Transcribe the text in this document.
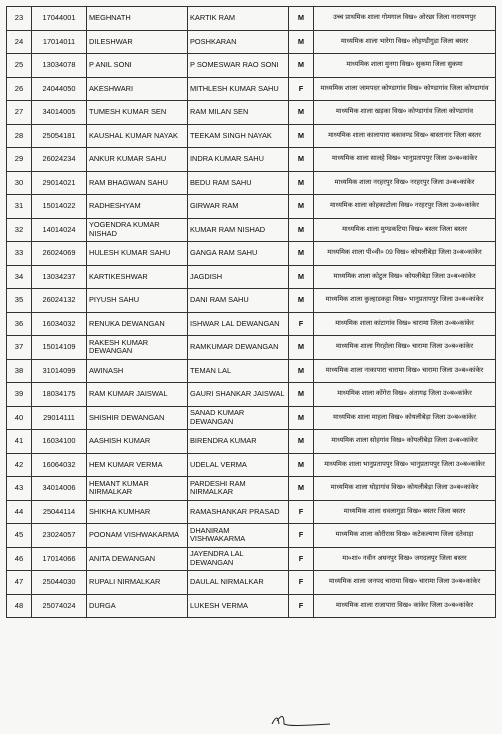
23	17044001	MEGHNATH	KARTIK RAM	M	उच्च प्राथमिक शाला गोमगाल विख० ओरछा जिला नारायणपुर
24	17014011	DILESHWAR	POSHKARAN	M	माध्यमिक शाला भारेगा विख० लोहण्डीगुडा जिला बस्तर
25	13034078	P ANIL SONI	P SOMESWAR RAO SONI	M	माध्यमिक शाला मुनगा विख० सुकमा जिला सुकमा
26	24044050	AKESHWARI	MITHLESH KUMAR SAHU	F	माध्यमिक शाला जामपदर कोण्डागांव विख० कोण्डागांव जिला कोण्डागांव
27	34014005	TUMESH KUMAR SEN	RAM MILAN SEN	M	माध्यमिक शाला खड़का विख० कोण्डागांव जिला कोण्डागांव
28	25054181	KAUSHAL KUMAR NAYAK	TEEKAM SINGH NAYAK	M	माध्यमिक शाला कालापारा बकावण्ड विख० बास्तानार जिला बस्तर
29	26024234	ANKUR KUMAR SAHU	INDRA KUMAR SAHU	M	माध्यमिक शाला सालहे विख० भानुप्रतापपुर जिला उ०ब०कांकेर
30	29014021	RAM BHAGWAN SAHU	BEDU RAM SAHU	M	माध्यमिक शाला नरहरपुर विख० नरहरपुर जिला उ०ब०कांकेर
31	15014022	RADHESHYAM	GIRWAR RAM	M	माध्यमिक शाला कोहकाटोला विख० नरहरपुर जिला उ०ब०कांकेर
32	14014024	YOGENDRA KUMAR NISHAD	KUMAR RAM NISHAD	M	माध्यमिक शाला मुण्डकटिया विख० बस्तर जिला बस्तर
33	26024069	HULESH KUMAR SAHU	GANGA RAM SAHU	M	माध्यमिक शाला पी०वी० 09 विख० कोयलीबेड़ा जिला उ०ब०कांकेर
34	13034237	KARTIKESHWAR	JAGDISH	M	माध्यमिक शाला कोटुल विख० कोयलीबेड़ा जिला उ०ब०कांकेर
35	26024132	PIYUSH SAHU	DANI RAM SAHU	M	माध्यमिक शाला कुल्हाडकट्टा विख० भानुप्रतापपुर जिला उ०ब०कांकेर
36	16034032	RENUKA DEWANGAN	ISHWAR LAL DEWANGAN	F	माध्यमिक शाला कांटागांव विख० चारामा जिला उ०ब०कांकेर
37	15014109	RAKESH KUMAR DEWANGAN	RAMKUMAR DEWANGAN	M	माध्यमिक शाला गिरहोला विख० चारामा जिला उ०ब०कांकेर
38	31014099	AWINASH	TEMAN LAL	M	माध्यमिक शाला नाकापारा चारामा विख० चारामा जिला उ०ब०कांकेर
39	18034175	RAM KUMAR JAISWAL	GAURI SHANKAR JAISWAL	M	माध्यमिक शाला कोंगेरा विख० अंतागढ़ जिला उ०ब०कांकेर
40	29014111	SHISHIR DEWANGAN	SANAD KUMAR DEWANGAN	M	माध्यमिक शाला माहला विख० कोयलीबेड़ा जिला उ०ब०कांकेर
41	16034100	AASHISH KUMAR	BIRENDRA KUMAR	M	माध्यमिक शाला सोहगांव विख० कोयलीबेड़ा जिला उ०ब०कांकेर
42	16064032	HEM KUMAR VERMA	UDELAL VERMA	M	माध्यमिक शाला भानुप्रतापपुर विख० भानुप्रतापपुर जिला उ०ब०कांकेर
43	34014006	HEMANT KUMAR NIRMALKAR	PARDESHI RAM NIRMALKAR	M	माध्यमिक शाला घोड़ागांव विख० कोयलीबेड़ा जिला उ०ब०कांकेर
44	25044114	SHIKHA KUMHAR	RAMASHANKAR PRASAD	F	माध्यमिक शाला धवलागुड़ा विख० बस्तर जिला बस्तर
45	23024057	POONAM VISHWAKARMA	DHANIRAM VISHWAKARMA	F	माध्यमिक शाला कोरीरास विख० कटेकल्याण जिला दंतेवाड़ा
46	17014066	ANITA DEWANGAN	JAYENDRA LAL DEWANGAN	F	मा०शा० नवीन अघनपुर विख० जगदलपुर जिला बस्तर
47	25044030	RUPALI NIRMALKAR	DAULAL NIRMALKAR	F	माध्यमिक शाला जनपद चारामा विख० चारामा जिला उ०ब०कांकेर
48	25074024	DURGA	LUKESH VERMA	F	माध्यमिक शाला राजापारा विख० कांकेर जिला उ०ब०कांकेर
